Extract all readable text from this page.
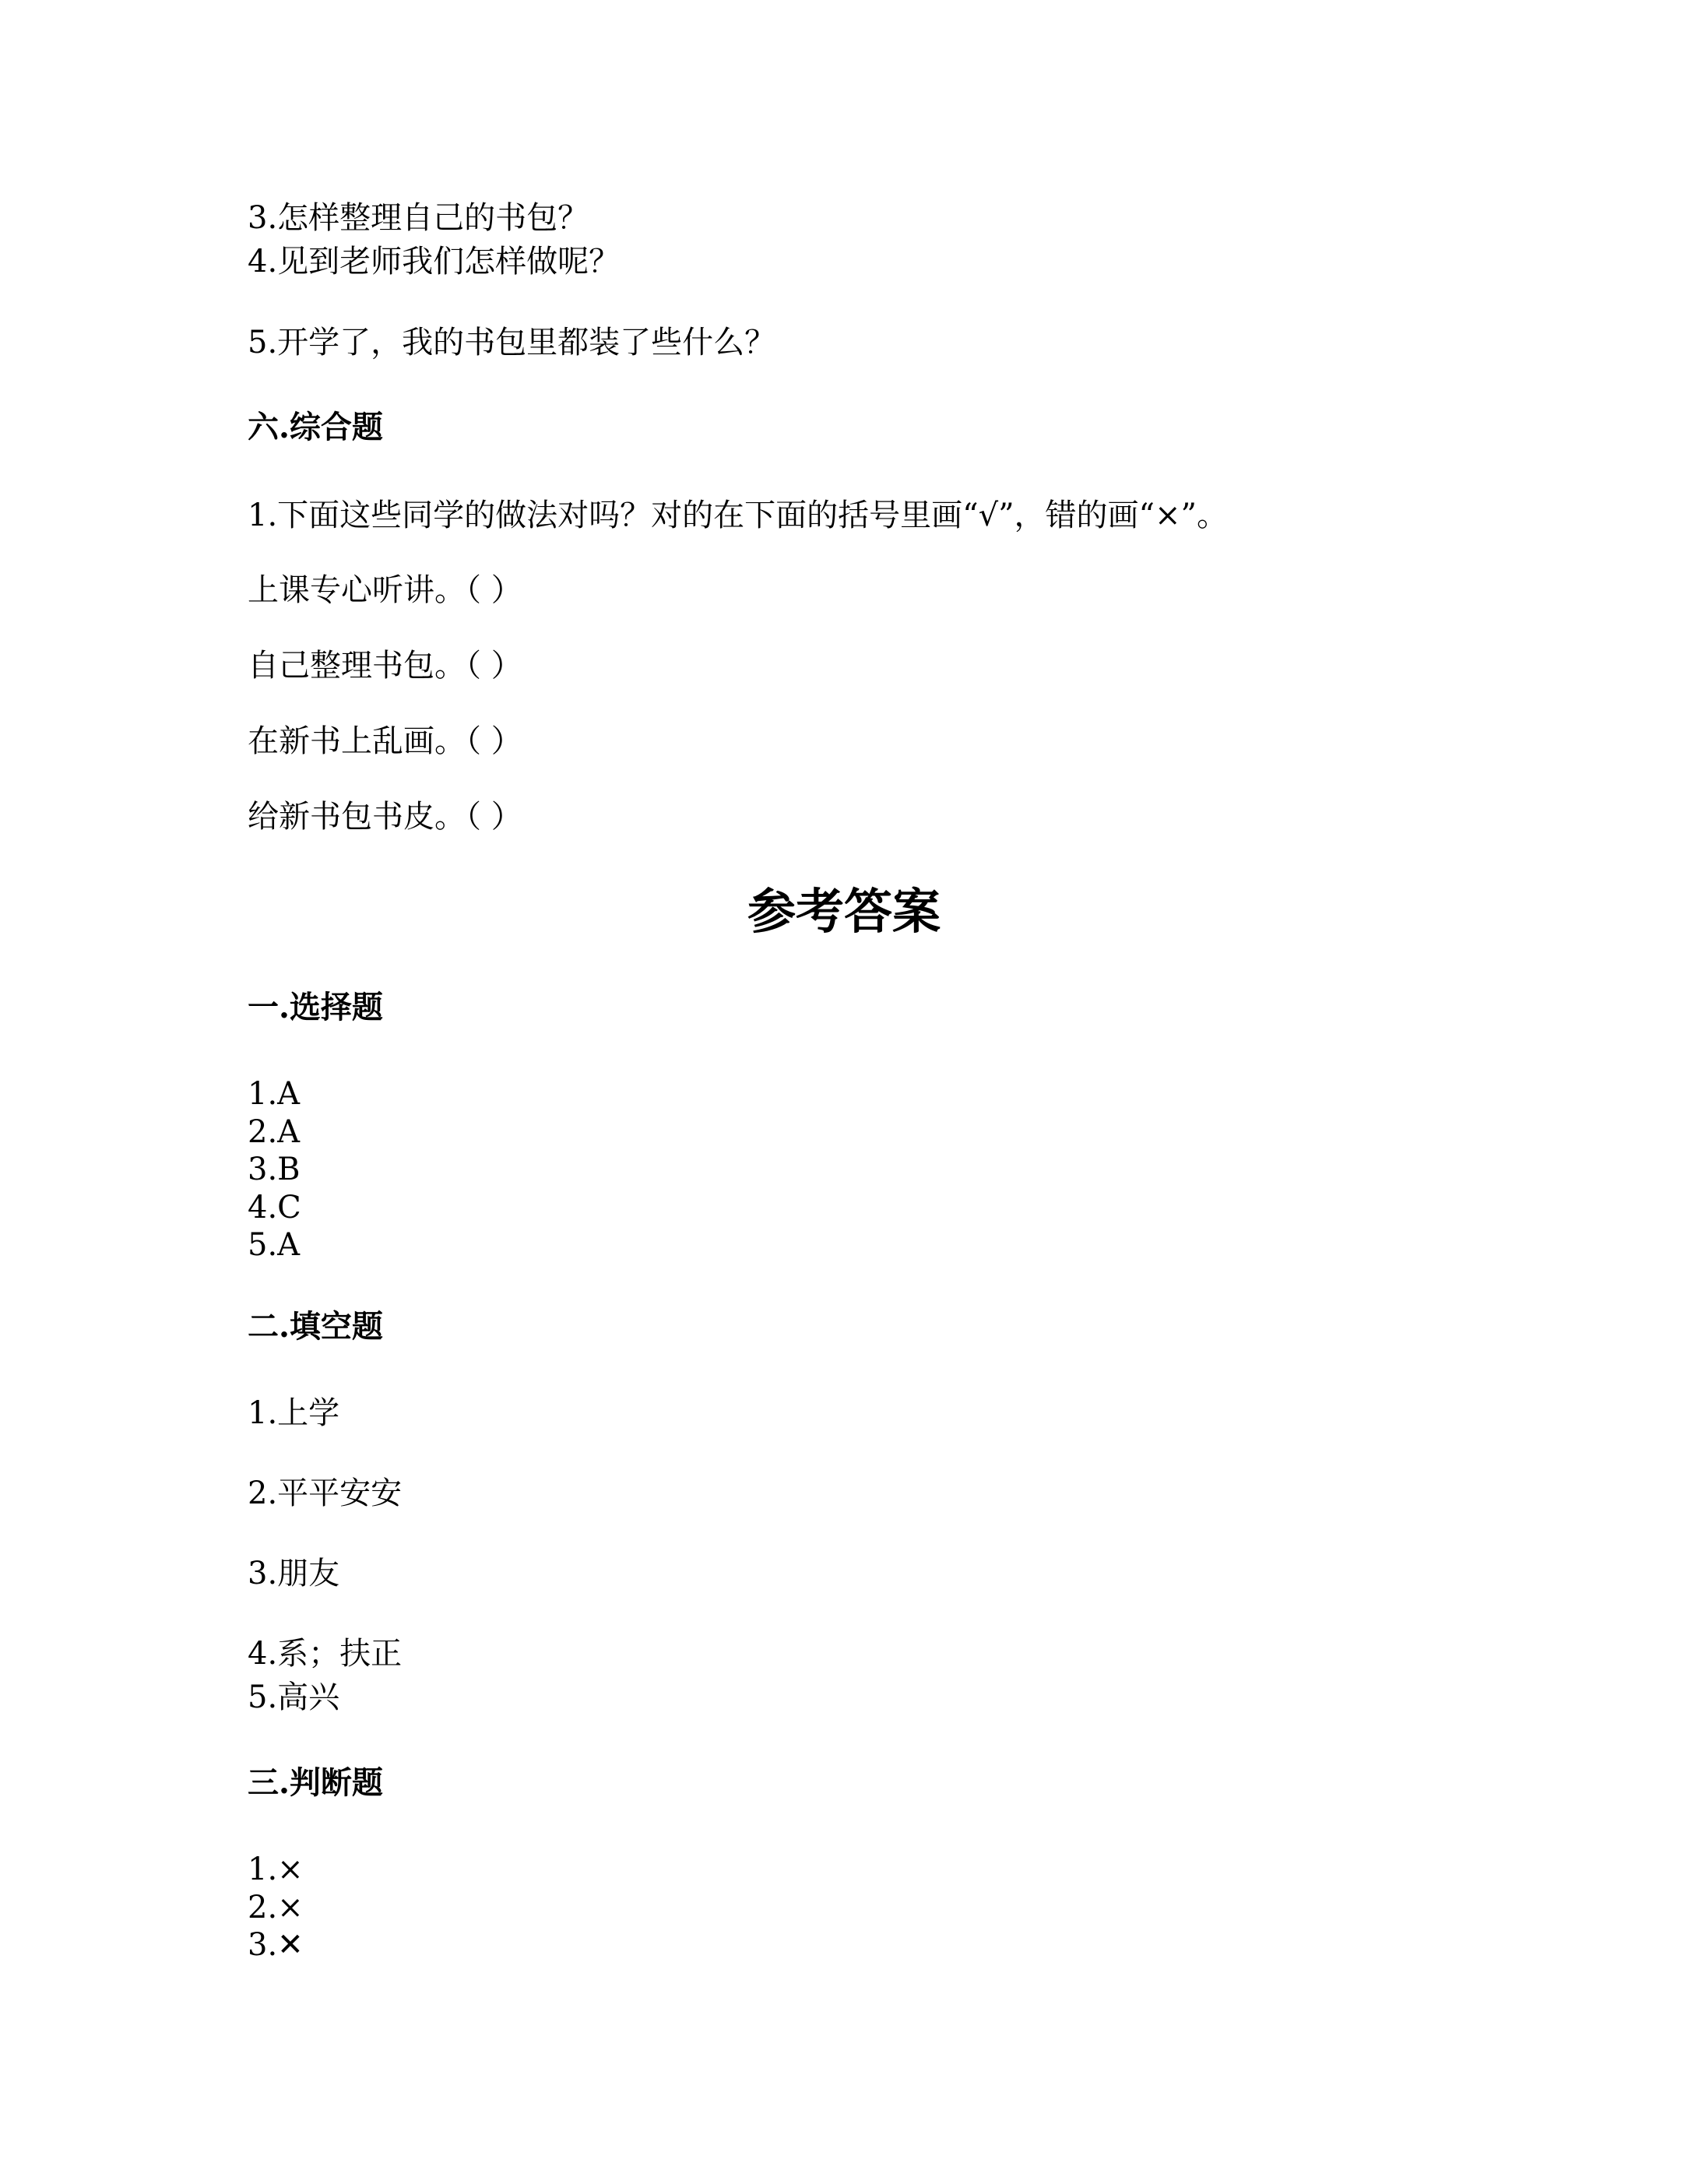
3.怎样整理自己的书包？
4.见到老师我们怎样做呢？
5.开学了，我的书包里都装了些什么？
六.综合题
1.下面这些同学的做法对吗？对的在下面的括号里画“√”，错的画“×”。
上课专心听讲。（ ）
自己整理书包。（ ）
在新书上乱画。（ ）
给新书包书皮。（ ）
参考答案
一.选择题
1.A
2.A
3.B
4.C
5.A
二.填空题
1.上学
2.平平安安
3.朋友
4.系；扶正
5.高兴
三.判断题
1.×
2.×
3.✕
